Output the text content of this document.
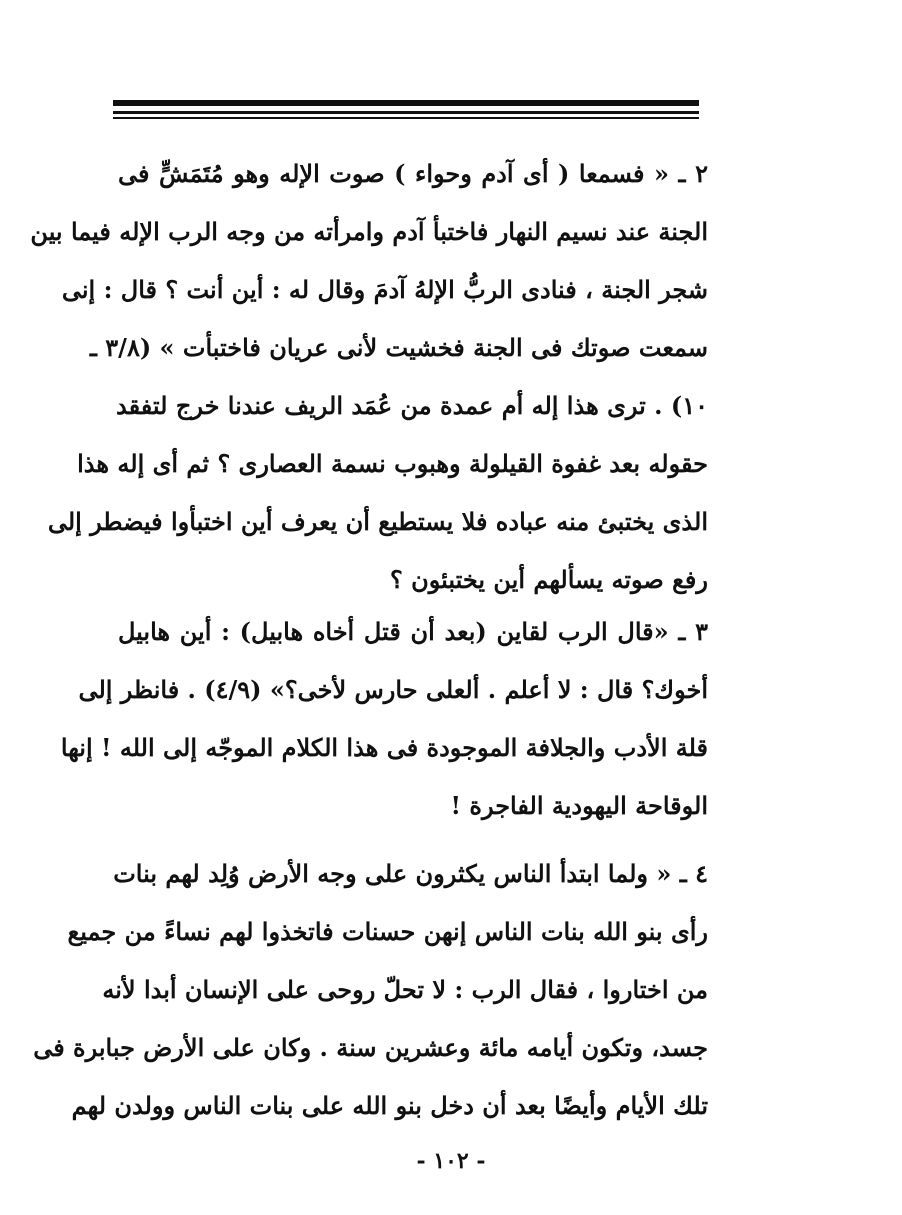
٢ ـ « فسمعا ( أى آدم وحواء ) صوت الإله وهو مُتَمَشٍّ فى
الجنة عند نسيم النهار فاختبأ آدم وامرأته من وجه الرب الإله فيما بين
شجر الجنة ، فنادى الربُّ الإلهُ آدمَ وقال له : أين أنت ؟ قال : إنى
سمعت صوتك فى الجنة فخشيت لأنى عريان فاختبأت » (٣/٨ ـ
١٠) . ترى هذا إله أم عمدة من عُمَد الريف عندنا خرج لتفقد
حقوله بعد غفوة القيلولة وهبوب نسمة العصارى ؟ ثم أى إله هذا
الذى يختبئ منه عباده فلا يستطيع أن يعرف أين اختبأوا فيضطر إلى
رفع صوته يسألهم أين يختبئون ؟
٣ ـ «قال الرب لقاين (بعد أن قتل أخاه هابيل) : أين هابيل
أخوك؟ قال : لا أعلم . ألعلى حارس لأخى؟» (٤/٩) . فانظر إلى
قلة الأدب والجلافة الموجودة فى هذا الكلام الموجّه إلى الله ! إنها
الوقاحة اليهودية الفاجرة !
٤ ـ « ولما ابتدأ الناس يكثرون على وجه الأرض وُلِد لهم بنات
رأى بنو الله بنات الناس إنهن حسنات فاتخذوا لهم نساءً من جميع
من اختاروا ، فقال الرب : لا تحلّ روحى على الإنسان أبدا لأنه
جسد، وتكون أيامه مائة وعشرين سنة . وكان على الأرض جبابرة فى
تلك الأيام وأيضًا بعد أن دخل بنو الله على بنات الناس وولدن لهم
- ١٠٢ -
